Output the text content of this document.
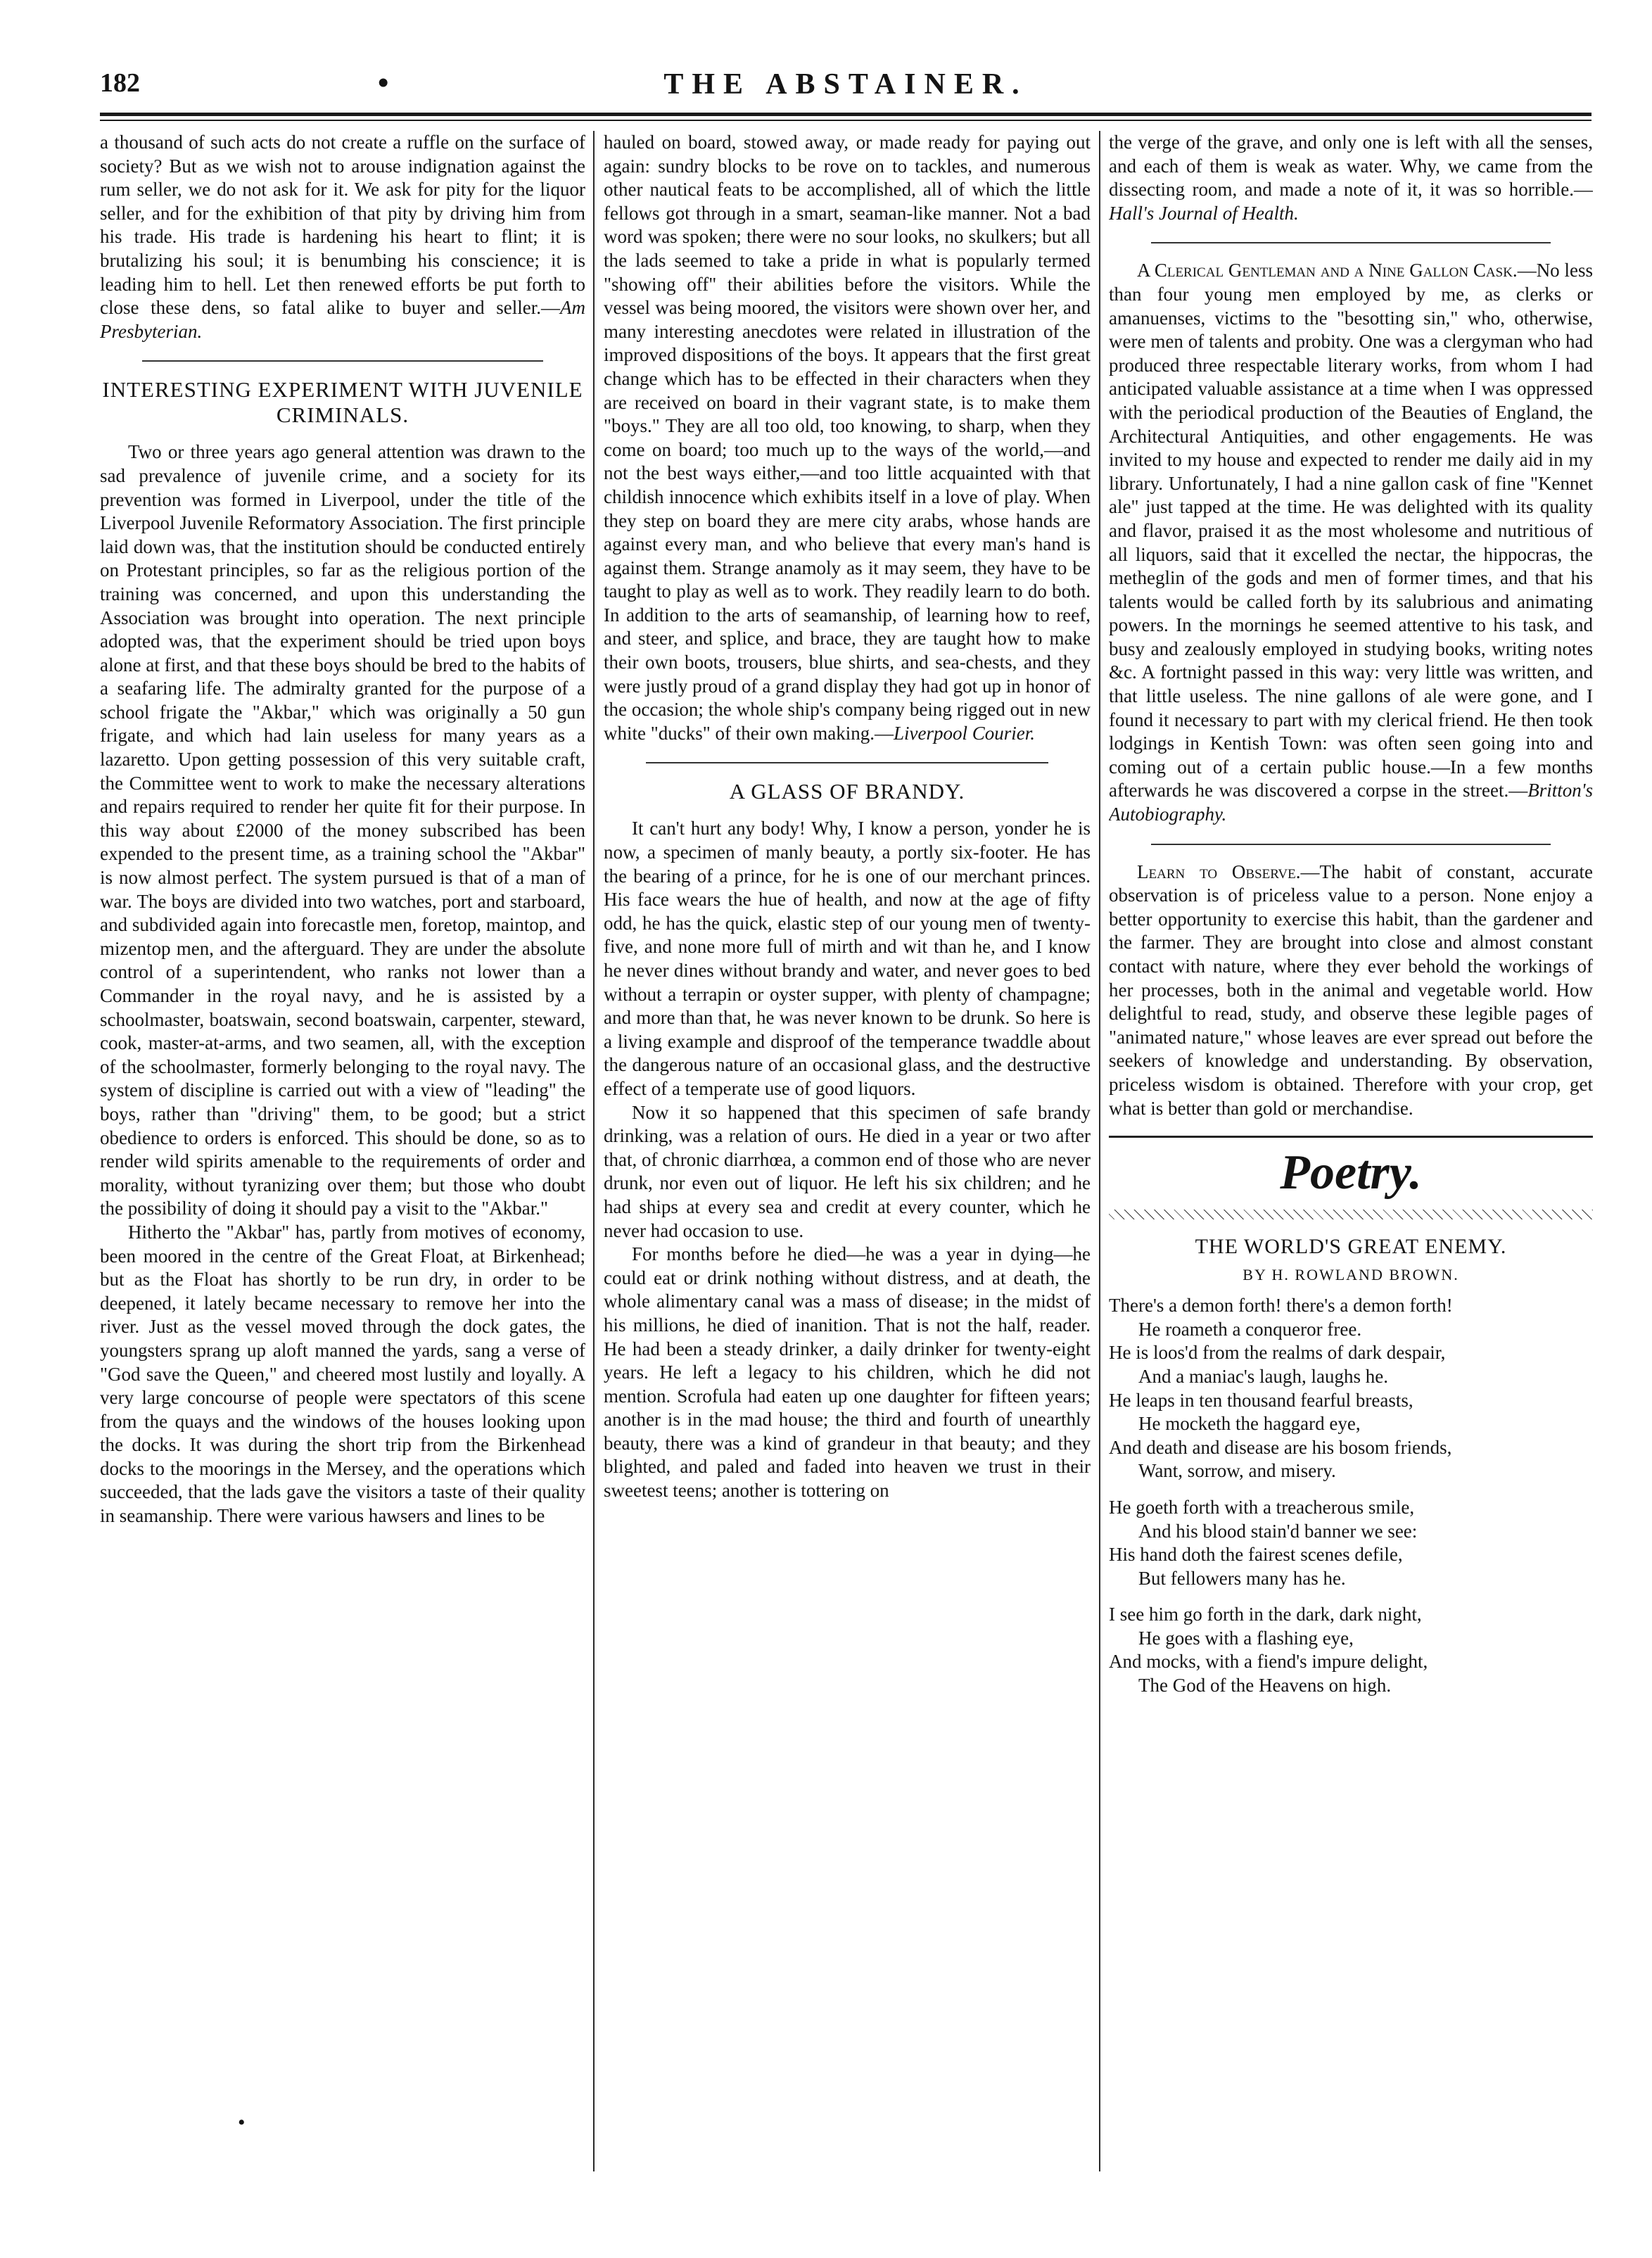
182	•	THE ABSTAINER.

a thousand of such acts do not create a ruffle on the surface of society? But as we wish not to arouse indignation against the rum seller, we do not ask for it. We ask for pity for the liquor seller, and for the exhibition of that pity by driving him from his trade. His trade is hardening his heart to flint; it is brutalizing his soul; it is benumbing his conscience; it is leading him to hell. Let then renewed efforts be put forth to close these dens, so fatal alike to buyer and seller.—Am Presbyterian.

INTERESTING EXPERIMENT WITH JUVENILE CRIMINALS.

Two or three years ago general attention was drawn to the sad prevalence of juvenile crime, and a society for its prevention was formed in Liverpool, under the title of the Liverpool Juvenile Reformatory Association. The first principle laid down was, that the institution should be conducted entirely on Protestant principles, so far as the religious portion of the training was concerned, and upon this understanding the Association was brought into operation. The next principle adopted was, that the experiment should be tried upon boys alone at first, and that these boys should be bred to the habits of a seafaring life. The admiralty granted for the purpose of a school frigate the "Akbar," which was originally a 50 gun frigate, and which had lain useless for many years as a lazaretto. Upon getting possession of this very suitable craft, the Committee went to work to make the necessary alterations and repairs required to render her quite fit for their purpose. In this way about £2000 of the money subscribed has been expended to the present time, as a training school the "Akbar" is now almost perfect. The system pursued is that of a man of war. The boys are divided into two watches, port and starboard, and subdivided again into forecastle men, foretop, maintop, and mizentop men, and the afterguard. They are under the absolute control of a superintendent, who ranks not lower than a Commander in the royal navy, and he is assisted by a schoolmaster, boatswain, second boatswain, carpenter, steward, cook, master-at-arms, and two seamen, all, with the exception of the schoolmaster, formerly belonging to the royal navy. The system of discipline is carried out with a view of "leading" the boys, rather than "driving" them, to be good; but a strict obedience to orders is enforced. This should be done, so as to render wild spirits amenable to the requirements of order and morality, without tyranizing over them; but those who doubt the possibility of doing it should pay a visit to the "Akbar."

Hitherto the "Akbar" has, partly from motives of economy, been moored in the centre of the Great Float, at Birkenhead; but as the Float has shortly to be run dry, in order to be deepened, it lately became necessary to remove her into the river. Just as the vessel moved through the dock gates, the youngsters sprang up aloft manned the yards, sang a verse of "God save the Queen," and cheered most lustily and loyally. A very large concourse of people were spectators of this scene from the quays and the windows of the houses looking upon the docks. It was during the short trip from the Birkenhead docks to the moorings in the Mersey, and the operations which succeeded, that the lads gave the visitors a taste of their quality in seamanship. There were various hawsers and lines to be

hauled on board, stowed away, or made ready for paying out again: sundry blocks to be rove on to tackles, and numerous other nautical feats to be accomplished, all of which the little fellows got through in a smart, seaman-like manner. Not a bad word was spoken; there were no sour looks, no skulkers; but all the lads seemed to take a pride in what is popularly termed "showing off" their abilities before the visitors. While the vessel was being moored, the visitors were shown over her, and many interesting anecdotes were related in illustration of the improved dispositions of the boys. It appears that the first great change which has to be effected in their characters when they are received on board in their vagrant state, is to make them "boys." They are all too old, too knowing, to sharp, when they come on board; too much up to the ways of the world,—and not the best ways either,—and too little acquainted with that childish innocence which exhibits itself in a love of play. When they step on board they are mere city arabs, whose hands are against every man, and who believe that every man's hand is against them. Strange anamoly as it may seem, they have to be taught to play as well as to work. They readily learn to do both. In addition to the arts of seamanship, of learning how to reef, and steer, and splice, and brace, they are taught how to make their own boots, trousers, blue shirts, and sea-chests, and they were justly proud of a grand display they had got up in honor of the occasion; the whole ship's company being rigged out in new white "ducks" of their own making.—Liverpool Courier.

A GLASS OF BRANDY.

It can't hurt any body! Why, I know a person, yonder he is now, a specimen of manly beauty, a portly six-footer. He has the bearing of a prince, for he is one of our merchant princes. His face wears the hue of health, and now at the age of fifty odd, he has the quick, elastic step of our young men of twenty-five, and none more full of mirth and wit than he, and I know he never dines without brandy and water, and never goes to bed without a terrapin or oyster supper, with plenty of champagne; and more than that, he was never known to be drunk. So here is a living example and disproof of the temperance twaddle about the dangerous nature of an occasional glass, and the destructive effect of a temperate use of good liquors.

Now it so happened that this specimen of safe brandy drinking, was a relation of ours. He died in a year or two after that, of chronic diarrhœa, a common end of those who are never drunk, nor even out of liquor. He left his six children; and he had ships at every sea and credit at every counter, which he never had occasion to use.

For months before he died—he was a year in dying—he could eat or drink nothing without distress, and at death, the whole alimentary canal was a mass of disease; in the midst of his millions, he died of inanition. That is not the half, reader. He had been a steady drinker, a daily drinker for twenty-eight years. He left a legacy to his children, which he did not mention. Scrofula had eaten up one daughter for fifteen years; another is in the mad house; the third and fourth of unearthly beauty, there was a kind of grandeur in that beauty; and they blighted, and paled and faded into heaven we trust in their sweetest teens; another is tottering on

the verge of the grave, and only one is left with all the senses, and each of them is weak as water. Why, we came from the dissecting room, and made a note of it, it was so horrible.—Hall's Journal of Health.

A Clerical Gentleman and a Nine Gallon Cask.—No less than four young men employed by me, as clerks or amanuenses, victims to the "besotting sin," who, otherwise, were men of talents and probity. One was a clergyman who had produced three respectable literary works, from whom I had anticipated valuable assistance at a time when I was oppressed with the periodical production of the Beauties of England, the Architectural Antiquities, and other engagements. He was invited to my house and expected to render me daily aid in my library. Unfortunately, I had a nine gallon cask of fine "Kennet ale" just tapped at the time. He was delighted with its quality and flavor, praised it as the most wholesome and nutritious of all liquors, said that it excelled the nectar, the hippocras, the metheglin of the gods and men of former times, and that his talents would be called forth by its salubrious and animating powers. In the mornings he seemed attentive to his task, and busy and zealously employed in studying books, writing notes &c. A fortnight passed in this way: very little was written, and that little useless. The nine gallons of ale were gone, and I found it necessary to part with my clerical friend. He then took lodgings in Kentish Town: was often seen going into and coming out of a certain public house.—In a few months afterwards he was discovered a corpse in the street.—Britton's Autobiography.

Learn to Observe.—The habit of constant, accurate observation is of priceless value to a person. None enjoy a better opportunity to exercise this habit, than the gardener and the farmer. They are brought into close and almost constant contact with nature, where they ever behold the workings of her processes, both in the animal and vegetable world. How delightful to read, study, and observe these legible pages of "animated nature," whose leaves are ever spread out before the seekers of knowledge and understanding. By observation, priceless wisdom is obtained. Therefore with your crop, get what is better than gold or merchandise.

Poetry.
THE WORLD'S GREAT ENEMY.
BY H. ROWLAND BROWN.
There's a demon forth! there's a demon forth!
He roameth a conqueror free.
He is loos'd from the realms of dark despair,
And a maniac's laugh, laughs he.
He leaps in ten thousand fearful breasts,
He mocketh the haggard eye,
And death and disease are his bosom friends,
Want, sorrow, and misery.
He goeth forth with a treacherous smile,
And his blood stain'd banner we see:
His hand doth the fairest scenes defile,
But fellowers many has he.
I see him go forth in the dark, dark night,
He goes with a flashing eye,
And mocks, with a fiend's impure delight,
The God of the Heavens on high.
•
